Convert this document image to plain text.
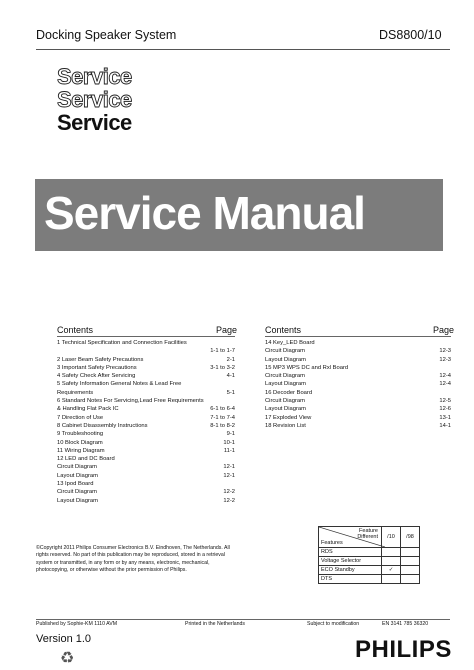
Docking Speaker System	DS8800/10
Service
Service
Service
Service Manual
Contents	Page
1 Technical Specification and Connection Facilities
1-1 to 1-7
2 Laser Beam Safety Precautions	2-1
3 Important Safety Precautions	3-1 to 3-2
4 Safety Check After Servicing	4-1
5 Safety Information General Notes & Lead Free
Requirements	5-1
6 Standard Notes For Servicing,Lead Free Requirements
& Handling Flat Pack IC	6-1 to 6-4
7 Direction of Use	7-1 to 7-4
8 Cabinet Disassembly Instructions	8-1 to 8-2
9 Troubleshooting	9-1
10 Block Diagram	10-1
11 Wiring Diagram	11-1
12 LED and DC Board
Circuit Diagram	12-1
Layout Diagram	12-1
13 Ipod Board
Circuit Diagram	12-2
Layout Diagram	12-2
Contents	Page
14 Key_LED Board
Circuit Diagram	12-3
Layout Diagram	12-3
15 MP3 WPS DC and Rxl Board
Circuit Diagram	12-4
Layout Diagram	12-4
16 Decoder Board
Circuit Diagram	12-5
Layout Diagram	12-6
17 Exploded View	13-1
18 Revision List	14-1
©Copyright 2011 Philips Consumer Electronics B.V. Eindhoven, The Netherlands. All rights reserved. No part of this publication may be reproduced, stored in a retrieval system or transmitted, in any form or by any means, electronic, mechanical, photocopying, or otherwise without the prior permission of Philips.
Feature
Different
Features	/10	/98
RDS		
Voltage Selector		
ECO Standby	✓	
DTS		
Published by Sophie-KM 1110 AVM	Printed in the Netherlands	Subject to modification	EN 3141 785 36320
Version 1.0
♻	PHILIPS
